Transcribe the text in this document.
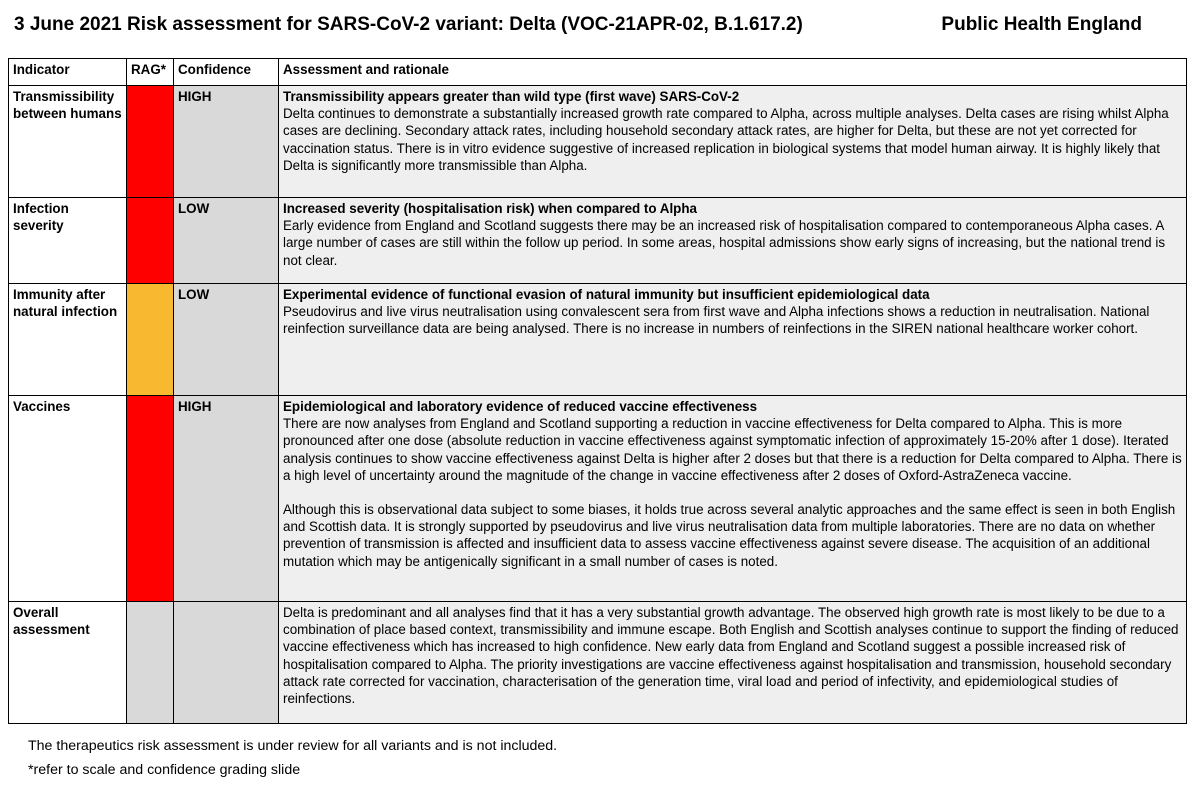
3 June 2021 Risk assessment for SARS-CoV-2 variant: Delta (VOC-21APR-02, B.1.617.2)	Public Health England
Indicator	RAG*	Confidence	Assessment and rationale
Transmissibility between humans		HIGH	Transmissibility appears greater than wild type (first wave) SARS-CoV-2
Delta continues to demonstrate a substantially increased growth rate compared to Alpha, across multiple analyses. Delta cases are rising whilst Alpha cases are declining. Secondary attack rates, including household secondary attack rates, are higher for Delta, but these are not yet corrected for vaccination status. There is in vitro evidence suggestive of increased replication in biological systems that model human airway. It is highly likely that Delta is significantly more transmissible than Alpha.

Infection severity		LOW	Increased severity (hospitalisation risk) when compared to Alpha
Early evidence from England and Scotland suggests there may be an increased risk of hospitalisation compared to contemporaneous Alpha cases. A large number of cases are still within the follow up period. In some areas, hospital admissions show early signs of increasing, but the national trend is not clear.

Immunity after natural infection		LOW	Experimental evidence of functional evasion of natural immunity but insufficient epidemiological data
Pseudovirus and live virus neutralisation using convalescent sera from first wave and Alpha infections shows a reduction in neutralisation. National reinfection surveillance data are being analysed. There is no increase in numbers of reinfections in the SIREN national healthcare worker cohort.

Vaccines		HIGH	Epidemiological and laboratory evidence of reduced vaccine effectiveness
There are now analyses from England and Scotland supporting a reduction in vaccine effectiveness for Delta compared to Alpha. This is more pronounced after one dose (absolute reduction in vaccine effectiveness against symptomatic infection of approximately 15-20% after 1 dose). Iterated analysis continues to show vaccine effectiveness against Delta is higher after 2 doses but that there is a reduction for Delta compared to Alpha. There is a high level of uncertainty around the magnitude of the change in vaccine effectiveness after 2 doses of Oxford-AstraZeneca vaccine.
Although this is observational data subject to some biases, it holds true across several analytic approaches and the same effect is seen in both English and Scottish data. It is strongly supported by pseudovirus and live virus neutralisation data from multiple laboratories. There are no data on whether prevention of transmission is affected and insufficient data to assess vaccine effectiveness against severe disease. The acquisition of an additional mutation which may be antigenically significant in a small number of cases is noted.

Overall assessment			Delta is predominant and all analyses find that it has a very substantial growth advantage. The observed high growth rate is most likely to be due to a combination of place based context, transmissibility and immune escape. Both English and Scottish analyses continue to support the finding of reduced vaccine effectiveness which has increased to high confidence. New early data from England and Scotland suggest a possible increased risk of hospitalisation compared to Alpha. The priority investigations are vaccine effectiveness against hospitalisation and transmission, household secondary attack rate corrected for vaccination, characterisation of the generation time, viral load and period of infectivity, and epidemiological studies of reinfections.
The therapeutics risk assessment is under review for all variants and is not included.
*refer to scale and confidence grading slide
